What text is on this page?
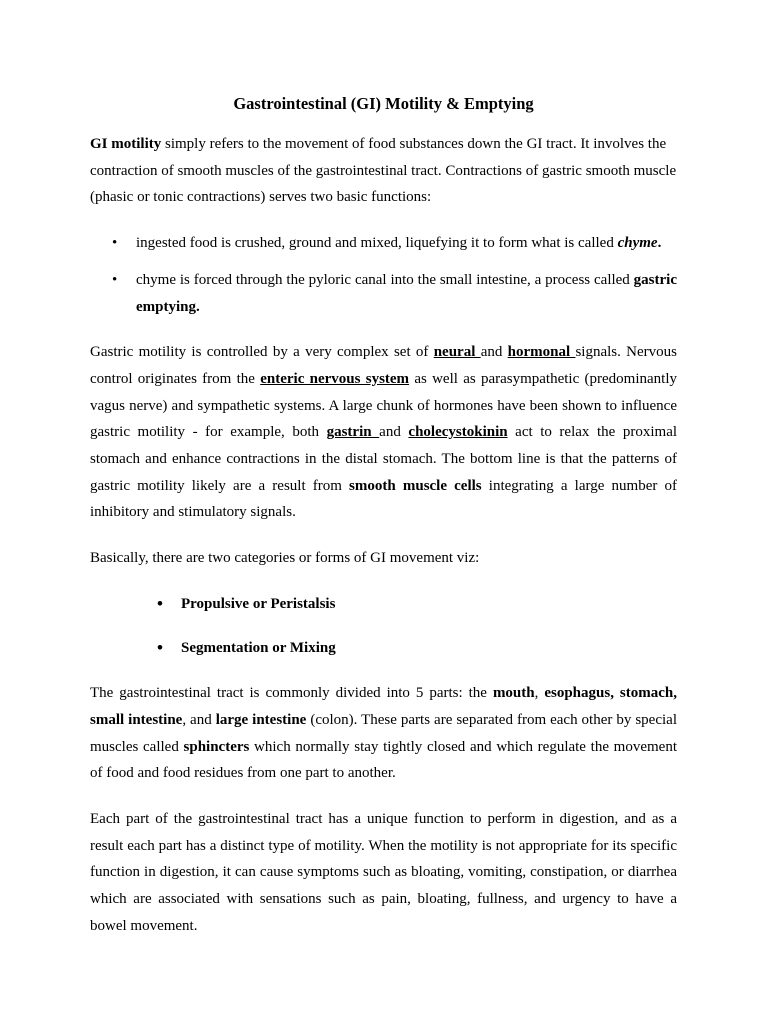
Gastrointestinal (GI) Motility & Emptying

GI motility simply refers to the movement of food substances down the GI tract. It involves the contraction of smooth muscles of the gastrointestinal tract. Contractions of gastric smooth muscle (phasic or tonic contractions) serves two basic functions:

• ingested food is crushed, ground and mixed, liquefying it to form what is called chyme.
• chyme is forced through the pyloric canal into the small intestine, a process called gastric emptying.

Gastric motility is controlled by a very complex set of neural and hormonal signals. Nervous control originates from the enteric nervous system as well as parasympathetic (predominantly vagus nerve) and sympathetic systems. A large chunk of hormones have been shown to influence gastric motility - for example, both gastrin and cholecystokinin act to relax the proximal stomach and enhance contractions in the distal stomach. The bottom line is that the patterns of gastric motility likely are a result from smooth muscle cells integrating a large number of inhibitory and stimulatory signals.

Basically, there are two categories or forms of GI movement viz:

• Propulsive or Peristalsis
• Segmentation or Mixing

The gastrointestinal tract is commonly divided into 5 parts: the mouth, esophagus, stomach, small intestine, and large intestine (colon). These parts are separated from each other by special muscles called sphincters which normally stay tightly closed and which regulate the movement of food and food residues from one part to another.

Each part of the gastrointestinal tract has a unique function to perform in digestion, and as a result each part has a distinct type of motility. When the motility is not appropriate for its specific function in digestion, it can cause symptoms such as bloating, vomiting, constipation, or diarrhea which are associated with sensations such as pain, bloating, fullness, and urgency to have a bowel movement.
